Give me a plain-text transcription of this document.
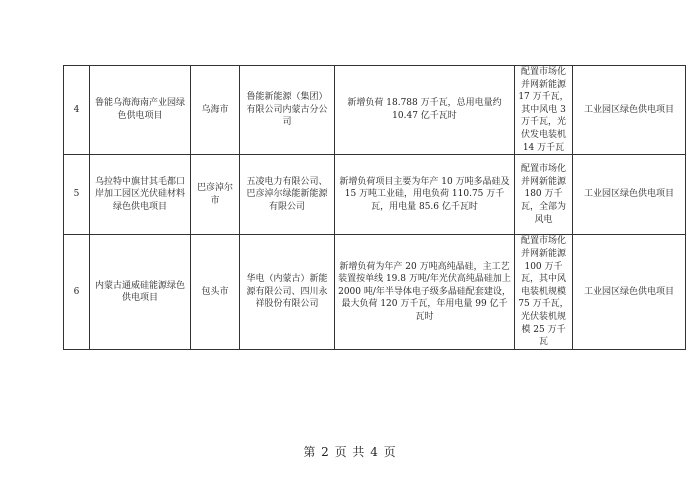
4	鲁能乌海海南产业园绿色供电项目	乌海市	鲁能新能源（集团）有限公司内蒙古分公司	新增负荷 18.788 万千瓦，总用电量约 10.47 亿千瓦时	配置市场化并网新能源 17 万千瓦，其中风电 3 万千瓦，光伏发电装机 14 万千瓦	工业园区绿色供电项目
5	乌拉特中旗甘其毛都口岸加工园区光伏硅材料绿色供电项目	巴彦淖尔市	五凌电力有限公司、巴彦淖尔绿能新能源有限公司	新增负荷项目主要为年产 10 万吨多晶硅及 15 万吨工业硅，用电负荷 110.75 万千瓦，用电量 85.6 亿千瓦时	配置市场化并网新能源 180 万千瓦，全部为风电	工业园区绿色供电项目
6	内蒙古通威硅能源绿色供电项目	包头市	华电（内蒙古）新能源有限公司、四川永祥股份有限公司	新增负荷为年产 20 万吨高纯晶硅，主工艺装置按单线 19.8 万吨/年光伏高纯晶硅加上 2000 吨/年半导体电子级多晶硅配套建设，最大负荷 120 万千瓦，年用电量 99 亿千瓦时	配置市场化并网新能源 100 万千瓦，其中风电装机规模 75 万千瓦，光伏装机规模 25 万千瓦	工业园区绿色供电项目
第 2 页 共 4 页
